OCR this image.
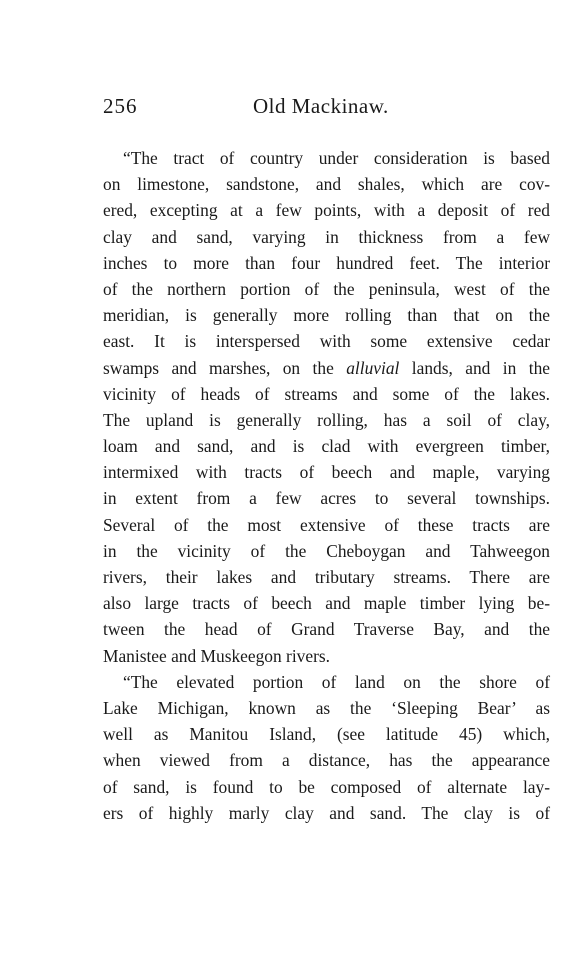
256	Old Mackinaw.
“The tract of country under consideration is based
on limestone, sandstone, and shales, which are cov-
ered, excepting at a few points, with a deposit of red
clay and sand, varying in thickness from a few
inches to more than four hundred feet. The interior
of the northern portion of the peninsula, west of the
meridian, is generally more rolling than that on the
east. It is interspersed with some extensive cedar
swamps and marshes, on the alluvial lands, and in the
vicinity of heads of streams and some of the lakes.
The upland is generally rolling, has a soil of clay,
loam and sand, and is clad with evergreen timber,
intermixed with tracts of beech and maple, varying
in extent from a few acres to several townships.
Several of the most extensive of these tracts are
in the vicinity of the Cheboygan and Tahweegon
rivers, their lakes and tributary streams. There are
also large tracts of beech and maple timber lying be-
tween the head of Grand Traverse Bay, and the
Manistee and Muskeegon rivers.
“The elevated portion of land on the shore of
Lake Michigan, known as the ‘Sleeping Bear’ as
well as Manitou Island, (see latitude 45) which,
when viewed from a distance, has the appearance
of sand, is found to be composed of alternate lay-
ers of highly marly clay and sand. The clay is of
